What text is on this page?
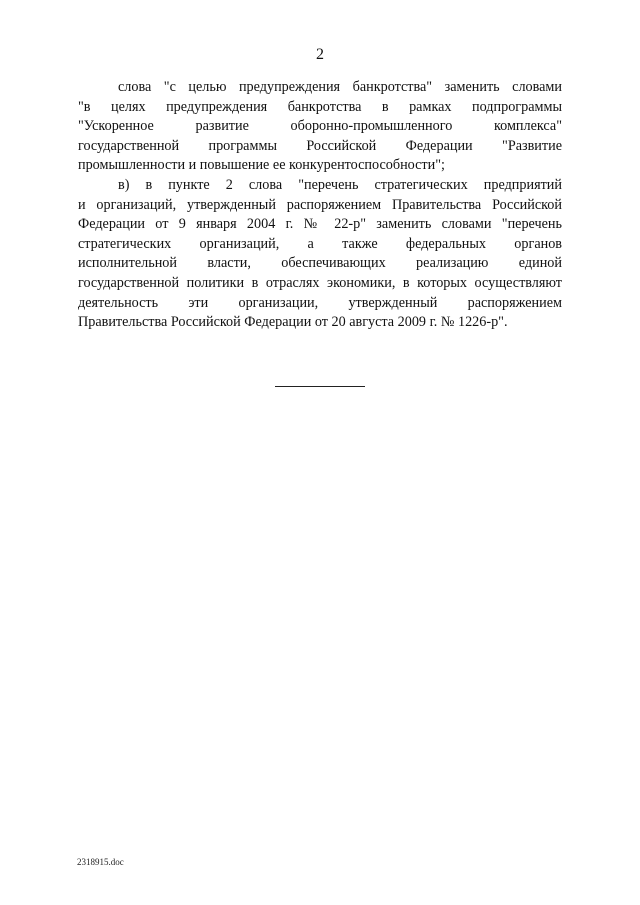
2

слова "с целью предупреждения банкротства" заменить словами
"в целях предупреждения банкротства в рамках подпрограммы
"Ускоренное развитие оборонно-промышленного комплекса"
государственной программы Российской Федерации "Развитие
промышленности и повышение ее конкурентоспособности";

в) в пункте 2 слова "перечень стратегических предприятий
и организаций, утвержденный распоряжением Правительства Российской
Федерации от 9 января 2004 г. № 22-р" заменить словами "перечень
стратегических организаций, а также федеральных органов
исполнительной власти, обеспечивающих реализацию единой
государственной политики в отраслях экономики, в которых осуществляют
деятельность эти организации, утвержденный распоряжением
Правительства Российской Федерации от 20 августа 2009 г. № 1226-р".

2318915.doc
